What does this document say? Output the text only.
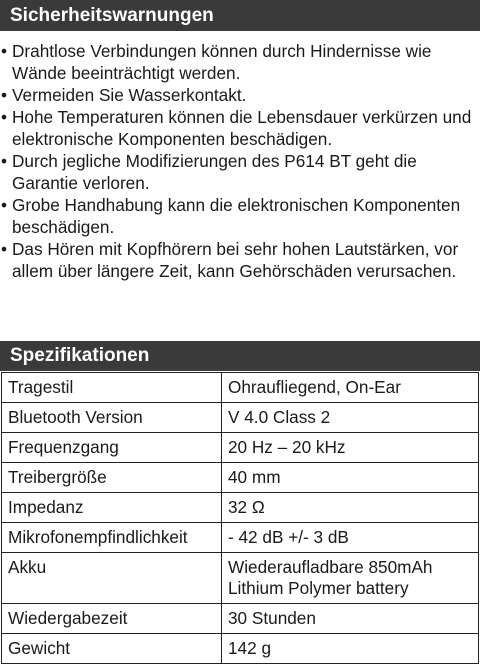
Sicherheitswarnungen
• Drahtlose Verbindungen können durch Hindernisse wie Wände beeinträchtigt werden.
• Vermeiden Sie Wasserkontakt.
• Hohe Temperaturen können die Lebensdauer verkürzen und elektronische Komponenten beschädigen.
• Durch jegliche Modifizierungen des P614 BT geht die Garantie verloren.
• Grobe Handhabung kann die elektronischen Komponenten beschädigen.
• Das Hören mit Kopfhörern bei sehr hohen Lautstärken, vor allem über längere Zeit, kann Gehörschäden verursachen.
Spezifikationen
Tragestil	Ohraufliegend, On-Ear
Bluetooth Version	V 4.0 Class 2
Frequenzgang	20 Hz – 20 kHz
Treibergröße	40 mm
Impedanz	32 Ω
Mikrofonempfindlichkeit	- 42 dB +/- 3 dB
Akku	Wiederaufladbare 850mAh
Lithium Polymer battery
Wiedergabezeit	30 Stunden
Gewicht	142 g
